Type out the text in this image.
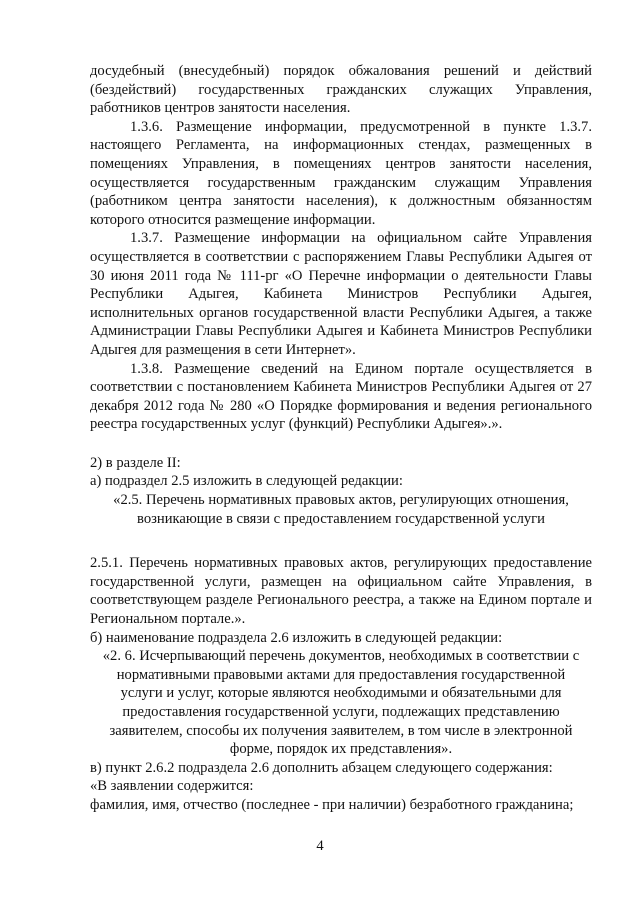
досудебный (внесудебный) порядок обжалования решений и действий (бездействий) государственных гражданских служащих Управления, работников центров занятости населения.

1.3.6. Размещение информации, предусмотренной в пункте 1.3.7. настоящего Регламента, на информационных стендах, размещенных в помещениях Управления, в помещениях центров занятости населения, осуществляется государственным гражданским служащим Управления (работником центра занятости населения), к должностным обязанностям которого относится размещение информации.

1.3.7. Размещение информации на официальном сайте Управления осуществляется в соответствии с распоряжением Главы Республики Адыгея от 30 июня 2011 года № 111-рг «О Перечне информации о деятельности Главы Республики Адыгея, Кабинета Министров Республики Адыгея, исполнительных органов государственной власти Республики Адыгея, а также Администрации Главы Республики Адыгея и Кабинета Министров Республики Адыгея для размещения в сети Интернет».

1.3.8. Размещение сведений на Едином портале осуществляется в соответствии с постановлением Кабинета Министров Республики Адыгея от 27 декабря 2012 года № 280 «О Порядке формирования и ведения регионального реестра государственных услуг (функций) Республики Адыгея».».

2) в разделе II:

а) подраздел 2.5 изложить в следующей редакции:

«2.5. Перечень нормативных правовых актов, регулирующих отношения, возникающие в связи с предоставлением государственной услуги

2.5.1. Перечень нормативных правовых актов, регулирующих предоставление государственной услуги, размещен на официальном сайте Управления, в соответствующем разделе Регионального реестра, а также на Едином портале и Региональном портале.».

б) наименование подраздела 2.6 изложить в следующей редакции:

«2. 6. Исчерпывающий перечень документов, необходимых в соответствии с нормативными правовыми актами для предоставления государственной услуги и услуг, которые являются необходимыми и обязательными для предоставления государственной услуги, подлежащих представлению заявителем, способы их получения заявителем, в том числе в электронной форме, порядок их представления».

в) пункт 2.6.2 подраздела 2.6 дополнить абзацем следующего содержания:

«В заявлении содержится:

фамилия, имя, отчество (последнее - при наличии) безработного гражданина;

4
